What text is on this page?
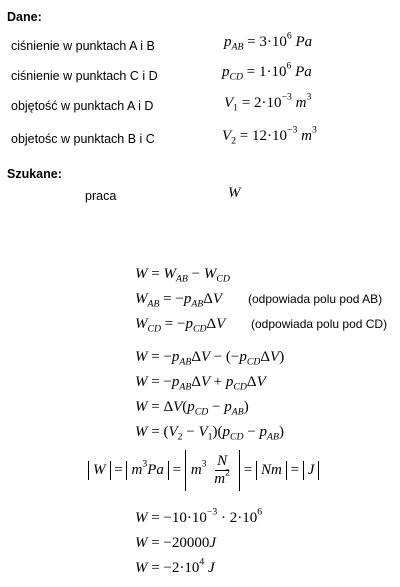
Dane:
ciśnienie w punktach A i B	$p_{AB} = 3\cdot 10^6$ Pa
ciśnienie w punktach C i D	$p_{CD} = 1\cdot 10^6$ Pa
objętość w punktach A i D	$V_1 = 2\cdot 10^{-3}$ $m^3$
objetośc w punktach B i C	$V_2 = 12\cdot 10^{-3}$ $m^3$
Szukane:
praca	W
$W = W_{AB} - W_{CD}$
$W_{AB} = -p_{AB}\Delta V$ (odpowiada polu pod AB)
$W_{CD} = -p_{CD}\Delta V$ (odpowiada polu pod CD)
$W = -p_{AB}\Delta V - (-p_{CD}\Delta V)$
$W = -p_{AB}\Delta V + p_{CD}\Delta V$
$W = \Delta V(p_{CD} - p_{AB})$
$W = (V_2 - V_1)(p_{CD} - p_{AB})$
$W = m^3Pa = m^3 \frac{N}{m^2} = Nm = J$
$W = -10\cdot 10^{-3} \cdot 2\cdot 10^6$
W = −20000J
$W = -2\cdot 10^4$ J
